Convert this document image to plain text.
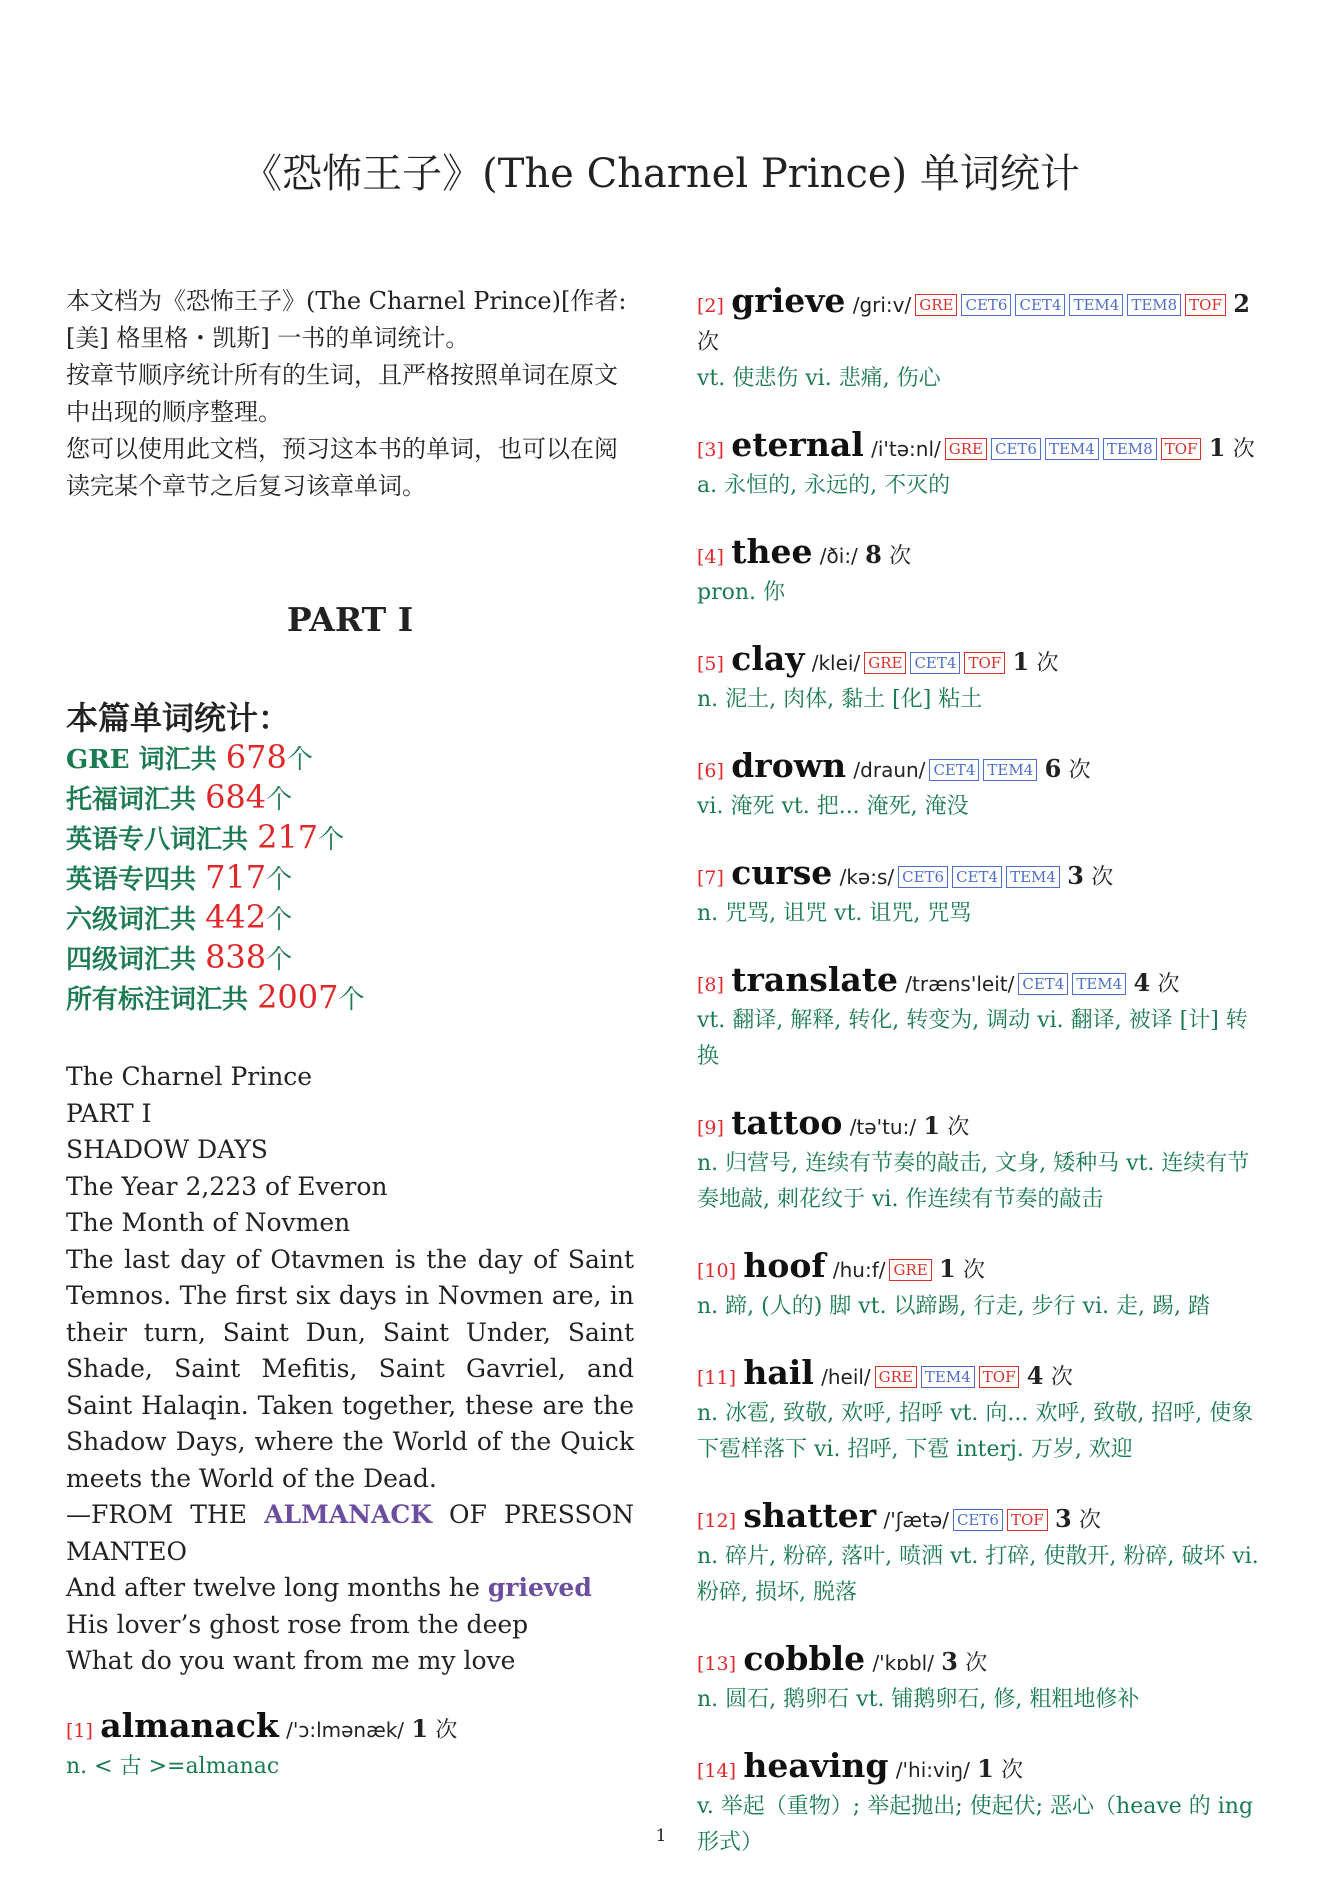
《恐怖王子》(The Charnel Prince) 单词统计

本文档为《恐怖王子》(The Charnel Prince)[作者: [美] 格里格・凯斯] 一书的单词统计。

按章节顺序统计所有的生词，且严格按照单词在原文中出现的顺序整理。

您可以使用此文档，预习这本书的单词，也可以在阅读完某个章节之后复习该章单词。

PART I
本篇单词统计：
GRE 词汇共 678个
托福词汇共 684个
英语专八词汇共 217个
英语专四共 717个
六级词汇共 442个
四级词汇共 838个
所有标注词汇共 2007个
The Charnel Prince
PART I
SHADOW DAYS
The Year 2,223 of Everon
The Month of Novmen
The last day of Otavmen is the day of Saint Temnos. The first six days in Novmen are, in their turn, Saint Dun, Saint Under, Saint Shade, Saint Mefitis, Saint Gavriel, and Saint Halaqin. Taken together, these are the Shadow Days, where the World of the Quick meets the World of the Dead.
—FROM THE ALMANACK OF PRESSON MANTEO
And after twelve long months he grieved
His lover’s ghost rose from the deep
What do you want from me my love
[1] almanack /'ɔ:lmənæk/ 1 次
n. < 古 >=almanac
[2] grieve /gri:v/ GRE CET6 CET4 TEM4 TEM8 TOF 2 次
vt. 使悲伤 vi. 悲痛, 伤心
[3] eternal /i'tə:nl/ GRE CET6 TEM4 TEM8 TOF 1 次
a. 永恒的, 永远的, 不灭的
[4] thee /ði:/ 8 次
pron. 你
[5] clay /klei/ GRE CET4 TOF 1 次
n. 泥土, 肉体, 黏土 [化] 粘土
[6] drown /draun/ CET4 TEM4 6 次
vi. 淹死 vt. 把... 淹死, 淹没
[7] curse /kə:s/ CET6 CET4 TEM4 3 次
n. 咒骂, 诅咒 vt. 诅咒, 咒骂
[8] translate /træns'leit/ CET4 TEM4 4 次
vt. 翻译, 解释, 转化, 转变为, 调动 vi. 翻译, 被译 [计] 转换
[9] tattoo /tə'tu:/ 1 次
n. 归营号, 连续有节奏的敲击, 文身, 矮种马 vt. 连续有节奏地敲, 刺花纹于 vi. 作连续有节奏的敲击
[10] hoof /hu:f/ GRE 1 次
n. 蹄, (人的) 脚 vt. 以蹄踢, 行走, 步行 vi. 走, 踢, 踏
[11] hail /heil/ GRE TEM4 TOF 4 次
n. 冰雹, 致敬, 欢呼, 招呼 vt. 向... 欢呼, 致敬, 招呼, 使象下雹样落下 vi. 招呼, 下雹 interj. 万岁, 欢迎
[12] shatter /'ʃætə/ CET6 TOF 3 次
n. 碎片, 粉碎, 落叶, 喷洒 vt. 打碎, 使散开, 粉碎, 破坏 vi. 粉碎, 损坏, 脱落
[13] cobble /'kɒbl/ 3 次
n. 圆石, 鹅卵石 vt. 铺鹅卵石, 修, 粗粗地修补
[14] heaving /'hi:viŋ/ 1 次
v. 举起（重物）; 举起抛出; 使起伏; 恶心（heave 的 ing 形式）
1
